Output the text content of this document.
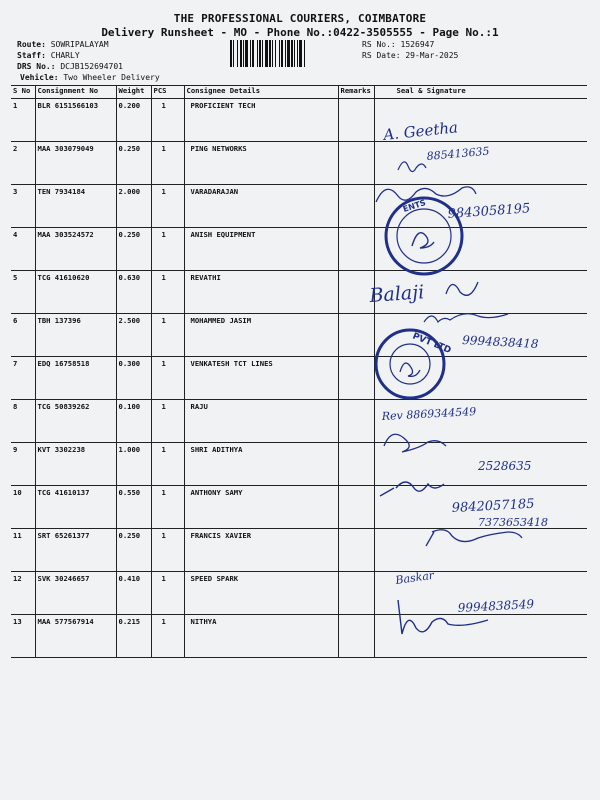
THE PROFESSIONAL COURIERS, COIMBATORE
Delivery Runsheet - MO - Phone No.:0422-3505555 - Page No.:1
Route: SOWRIPALAYAM
Staff: CHARLY
DRS No.: DCJB152694701
Vehicle: Two Wheeler Delivery
RS No.: 1526947
RS Date: 29-Mar-2025
S No	Consignment No	Weight	PCS	Consignee Details	Remarks	Seal & Signature
1	BLR 6151566103	0.200	1	PROFICIENT TECH		
2	MAA 303079049	0.250	1	PING NETWORKS		
3	TEN 7934184	2.000	1	VARADARAJAN		
4	MAA 303524572	0.250	1	ANISH EQUIPMENT		
5	TCG 41610620	0.630	1	REVATHI		
6	TBH 137396	2.500	1	MOHAMMED JASIM		
7	EDQ 16758518	0.300	1	VENKATESH TCT LINES		
8	TCG 50839262	0.100	1	RAJU		
9	KVT 3302238	1.000	1	SHRI ADITHYA		
10	TCG 41610137	0.550	1	ANTHONY SAMY		
11	SRT 65261377	0.250	1	FRANCIS XAVIER		
12	SVK 30246657	0.410	1	SPEED SPARK		
13	MAA 577567914	0.215	1	NITHYA		
A. Geetha
885413635
9843058195
ENTS
Balaji
9994838418
PVT LTD
Rev 8869344549
2528635
9842057185
7373653418
Baskar
9994838549
